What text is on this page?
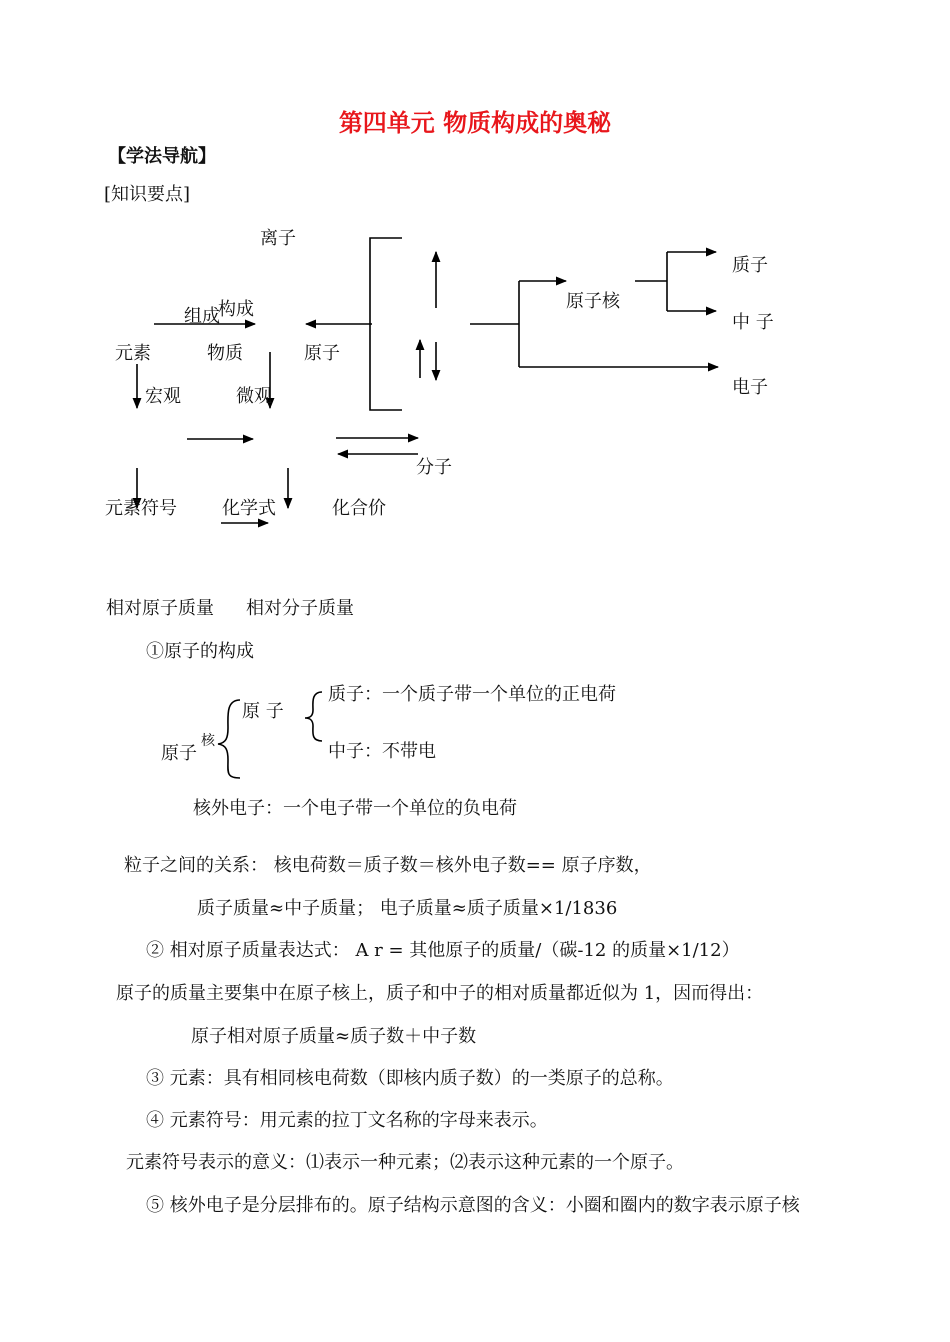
第四单元 物质构成的奥秘
【学法导航】
[知识要点]
离子
组成
构成
元素	物质	原子
宏观	微观
原子核
质子
中 子
电子
分子
元素符号	化学式	化合价
相对原子质量 相对分子质量
①原子的构成
原 子
核
原子
质子：一个质子带一个单位的正电荷
中子：不带电
核外电子：一个电子带一个单位的负电荷
粒子之间的关系： 核电荷数＝质子数＝核外电子数== 原子序数，
质子质量≈中子质量； 电子质量≈质子质量×1/1836
② 相对原子质量表达式： A r = 其他原子的质量/（碳-12 的质量×1/12）
原子的质量主要集中在原子核上，质子和中子的相对质量都近似为 1，因而得出：
原子相对原子质量≈质子数＋中子数
③ 元素：具有相同核电荷数（即核内质子数）的一类原子的总称。
④ 元素符号：用元素的拉丁文名称的字母来表示。
元素符号表示的意义：⑴表示一种元素；⑵表示这种元素的一个原子。
⑤ 核外电子是分层排布的。原子结构示意图的含义：小圈和圈内的数字表示原子核
